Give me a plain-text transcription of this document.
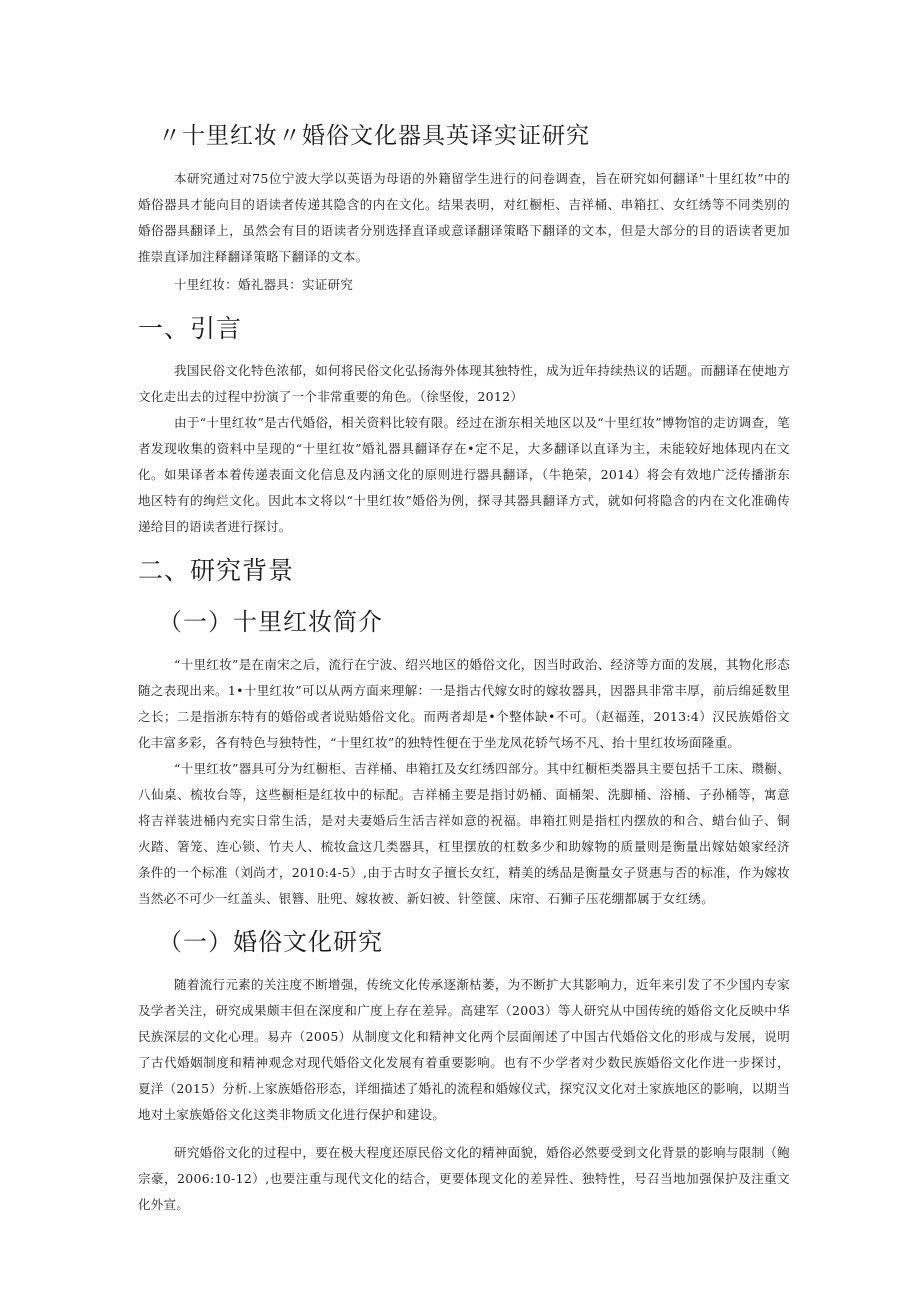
〃十里红妆〃婚俗文化器具英译实证研究

本研究通过对75位宁波大学以英语为母语的外籍留学生进行的问卷调查，旨在研究如何翻译"十里红妆”中的婚俗器具才能向目的语读者传递其隐含的内在文化。结果表明，对红橱柜、吉祥桶、串箱扛、女红绣等不同类别的婚俗器具翻译上，虽然会有目的语读者分别选择直译或意译翻译策略下翻译的文本，但是大部分的目的语读者更加推崇直译加注释翻译策略下翻译的文本。

十里红妆：婚礼器具：实证研究

一、引言

我国民俗文化特色浓郁，如何将民俗文化弘扬海外体现其独特性，成为近年持续热议的话题。而翻译在使地方文化走出去的过程中扮演了一个非常重要的角色。（徐坚俊，2012）

由于“十里红妆”是古代婚俗，相关资料比较有限。经过在浙东相关地区以及“十里红妆”博物馆的走访调查，笔者发现收集的资料中呈现的“十里红妆”婚礼器具翻译存在•定不足，大多翻译以直译为主，未能较好地体现内在文化。如果译者本着传递表面文化信息及内涵文化的原则进行器具翻译，（牛艳荣，2014）将会有效地广泛传播浙东地区特有的绚烂文化。因此本文将以“十里红妆”婚俗为例，探寻其器具翻译方式，就如何将隐含的内在文化准确传递给目的语读者进行探讨。

二、研究背景
（一）十里红妆简介

“十里红妆”是在南宋之后，流行在宁波、绍兴地区的婚俗文化，因当时政治、经济等方面的发展，其物化形态随之表现出来。1•十里红妆”可以从两方面来理解：一是指古代嫁女时的嫁妆器具，因器具非常丰厚，前后绵延数里之长；二是指浙东特有的婚俗或者说贴婚俗文化。而两者却是•个整体缺•不可。（赵福莲，2013:4）汉民族婚俗文化丰富多彩，各有特色与独特性，“十里红妆”的独特性便在于坐龙凤花轿气场不凡、抬十里红妆场面隆重。

“十里红妆”器具可分为红橱柜、吉祥桶、串箱扛及女红绣四部分。其中红橱柜类器具主要包括千工床、瓒橱、八仙桌、梳妆台等，这些橱柜是红妆中的标配。吉祥桶主要是指讨奶桶、面桶架、洗脚桶、浴桶、子孙桶等，寓意将吉祥装进桶内充实日常生活，是对夫妻婚后生活吉祥如意的祝福。串箱扛则是指杠内摆放的和合、蜡台仙子、铜火踏、箸笼、连心锁、竹夫人、梳妆盒这几类器具，杠里摆放的杠数多少和助嫁物的质量则是衡量出嫁姑娘家经济条件的一个标准（刘尚才，2010:4-5）,由于古时女子擅长女红，精美的绣品是衡量女子贤惠与否的标准，作为嫁妆当然必不可少一红盖头、银簪、肚兜、嫁妆被、新妇被、针箜箧、床帘、石狮子压花绷都属于女红绣。

（一）婚俗文化研究

随着流行元素的关注度不断增强，传统文化传承逐渐枯萎，为不断扩大其影响力，近年来引发了不少国内专家及学者关注，研究成果颇丰但在深度和广度上存在差异。高建军（2003）等人研究从中国传统的婚俗文化反映中华民族深层的文化心理。易卉（2005）从制度文化和精神文化两个层面阐述了中国古代婚俗文化的形成与发展，说明了古代婚姻制度和精神观念对现代婚俗文化发展有着重要影响。也有不少学者对少数民族婚俗文化作进一步探讨，夏洋（2015）分析.上家族婚俗形态，详细描述了婚礼的流程和婚嫁仪式，探究汉文化对土家族地区的影响，以期当地对土家族婚俗文化这类非物质文化进行保护和建设。

研究婚俗文化的过程中，要在极大程度还原民俗文化的精神面貌，婚俗必然要受到文化背景的影响与限制（鲍宗豪，2006:10-12）,也要注重与现代文化的结合，更要体现文化的差异性、独特性，号召当地加强保护及注重文化外宣。
